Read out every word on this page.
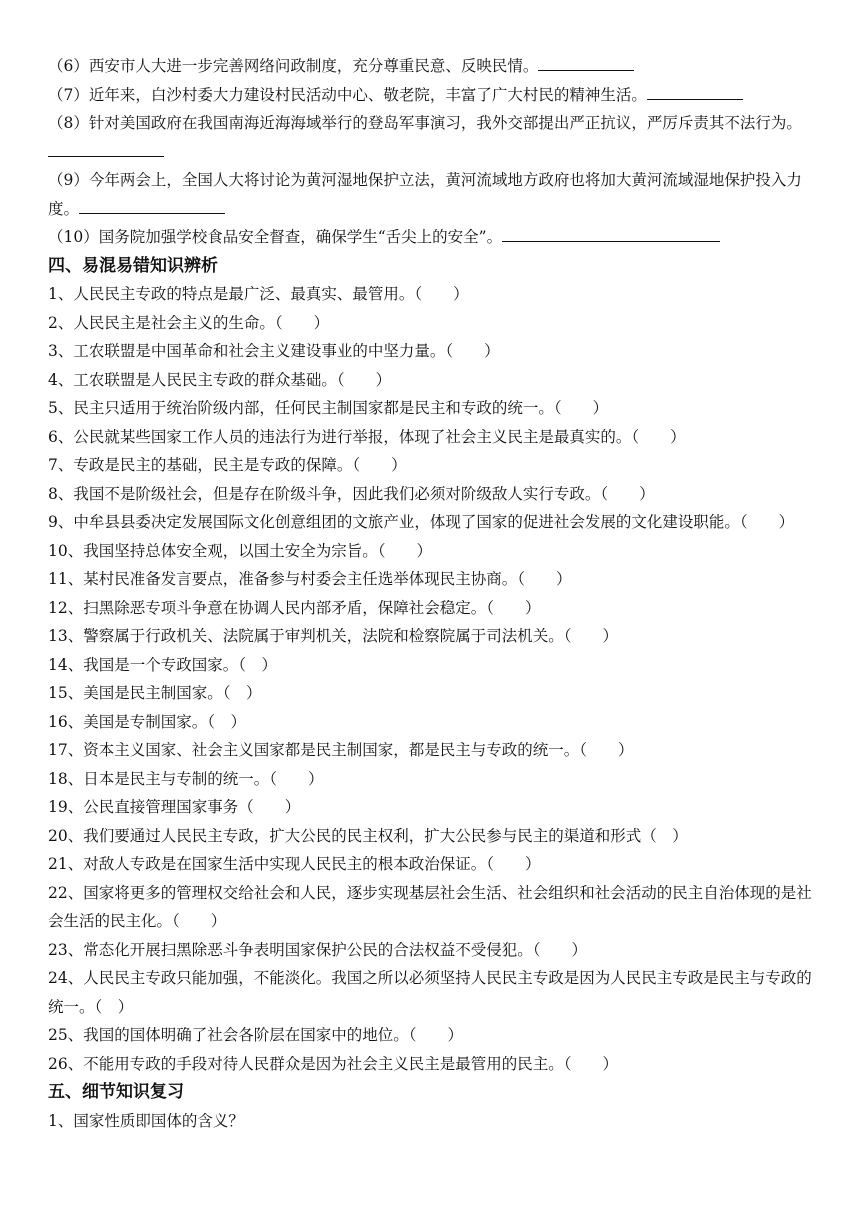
（6）西安市人大进一步完善网络问政制度，充分尊重民意、反映民情。
（7）近年来，白沙村委大力建设村民活动中心、敬老院，丰富了广大村民的精神生活。
（8）针对美国政府在我国南海近海海域举行的登岛军事演习，我外交部提出严正抗议，严厉斥责其不法行为。
（9）今年两会上，全国人大将讨论为黄河湿地保护立法，黄河流域地方政府也将加大黄河流域湿地保护投入力度。
（10）国务院加强学校食品安全督查，确保学生“舌尖上的安全”。
四、易混易错知识辨析
1、人民民主专政的特点是最广泛、最真实、最管用。（　　）
2、人民民主是社会主义的生命。（　　）
3、工农联盟是中国革命和社会主义建设事业的中坚力量。（　　）
4、工农联盟是人民民主专政的群众基础。（　　）
5、民主只适用于统治阶级内部，任何民主制国家都是民主和专政的统一。（　　）
6、公民就某些国家工作人员的违法行为进行举报，体现了社会主义民主是最真实的。（　　）
7、专政是民主的基础，民主是专政的保障。（　　）
8、我国不是阶级社会，但是存在阶级斗争，因此我们必须对阶级敌人实行专政。（　　）
9、中牟县县委决定发展国际文化创意组团的文旅产业，体现了国家的促进社会发展的文化建设职能。（　　）
10、我国坚持总体安全观，以国土安全为宗旨。（　　）
11、某村民准备发言要点，准备参与村委会主任选举体现民主协商。（　　）
12、扫黑除恶专项斗争意在协调人民内部矛盾，保障社会稳定。（　　）
13、警察属于行政机关、法院属于审判机关，法院和检察院属于司法机关。（　　）
14、我国是一个专政国家。（　）
15、美国是民主制国家。（　）
16、美国是专制国家。（　）
17、资本主义国家、社会主义国家都是民主制国家，都是民主与专政的统一。（　　）
18、日本是民主与专制的统一。（　　）
19、公民直接管理国家事务（　　）
20、我们要通过人民民主专政，扩大公民的民主权利，扩大公民参与民主的渠道和形式（　）
21、对敌人专政是在国家生活中实现人民民主的根本政治保证。（　　）
22、国家将更多的管理权交给社会和人民，逐步实现基层社会生活、社会组织和社会活动的民主自治体现的是社会生活的民主化。（　　）
23、常态化开展扫黑除恶斗争表明国家保护公民的合法权益不受侵犯。（　　）
24、人民民主专政只能加强，不能淡化。我国之所以必须坚持人民民主专政是因为人民民主专政是民主与专政的统一。（　）
25、我国的国体明确了社会各阶层在国家中的地位。（　　）
26、不能用专政的手段对待人民群众是因为社会主义民主是最管用的民主。（　　）
五、细节知识复习
1、国家性质即国体的含义？
